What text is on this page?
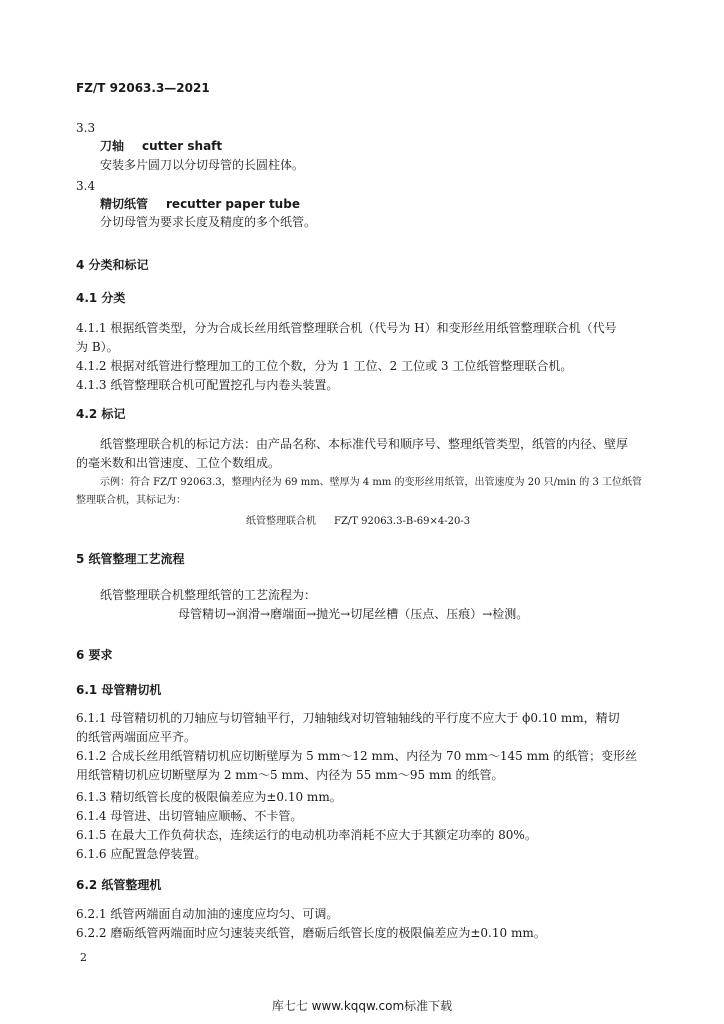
FZ/T 92063.3—2021
3.3
刀轴 cutter shaft
安装多片圆刀以分切母管的长圆柱体。
3.4
精切纸管 recutter paper tube
分切母管为要求长度及精度的多个纸管。
4 分类和标记
4.1 分类
4.1.1 根据纸管类型，分为合成长丝用纸管整理联合机（代号为 H）和变形丝用纸管整理联合机（代号
为 B）。
4.1.2 根据对纸管进行整理加工的工位个数，分为 1 工位、2 工位或 3 工位纸管整理联合机。
4.1.3 纸管整理联合机可配置挖孔与内卷头装置。
4.2 标记
纸管整理联合机的标记方法：由产品名称、本标准代号和顺序号、整理纸管类型，纸管的内径、壁厚
的毫米数和出管速度、工位个数组成。
示例：符合 FZ/T 92063.3，整理内径为 69 mm、壁厚为 4 mm 的变形丝用纸管，出管速度为 20 只/min 的 3 工位纸管
整理联合机，其标记为：
纸管整理联合机 FZ/T 92063.3-B-69×4-20-3
5 纸管整理工艺流程
纸管整理联合机整理纸管的工艺流程为：
母管精切→润滑→磨端面→抛光→切尾丝槽（压点、压痕）→检测。
6 要求
6.1 母管精切机
6.1.1 母管精切机的刀轴应与切管轴平行，刀轴轴线对切管轴轴线的平行度不应大于 ϕ0.10 mm，精切
的纸管两端面应平齐。
6.1.2 合成长丝用纸管精切机应切断壁厚为 5 mm～12 mm、内径为 70 mm～145 mm 的纸管；变形丝
用纸管精切机应切断壁厚为 2 mm～5 mm、内径为 55 mm～95 mm 的纸管。
6.1.3 精切纸管长度的极限偏差应为±0.10 mm。
6.1.4 母管进、出切管轴应顺畅、不卡管。
6.1.5 在最大工作负荷状态，连续运行的电动机功率消耗不应大于其额定功率的 80%。
6.1.6 应配置急停装置。
6.2 纸管整理机
6.2.1 纸管两端面自动加油的速度应均匀、可调。
6.2.2 磨砺纸管两端面时应匀速装夹纸管，磨砺后纸管长度的极限偏差应为±0.10 mm。
2
库七七 www.kqqw.com标准下载
